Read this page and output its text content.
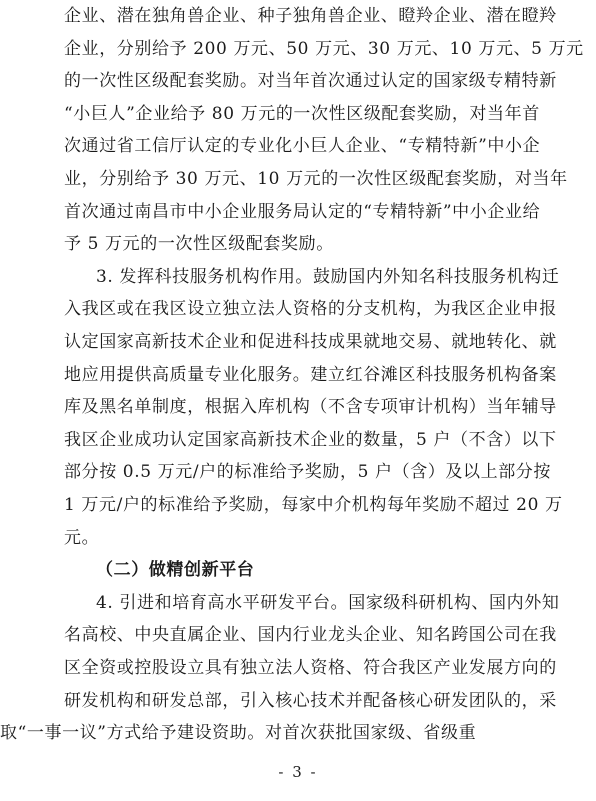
企业、潜在独角兽企业、种子独角兽企业、瞪羚企业、潜在瞪羚
企业，分别给予 200 万元、50 万元、30 万元、10 万元、5 万元
的一次性区级配套奖励。对当年首次通过认定的国家级专精特新
“小巨人”企业给予 80 万元的一次性区级配套奖励，对当年首
次通过省工信厅认定的专业化小巨人企业、“专精特新”中小企
业，分别给予 30 万元、10 万元的一次性区级配套奖励，对当年
首次通过南昌市中小企业服务局认定的“专精特新”中小企业给
予 5 万元的一次性区级配套奖励。
3. 发挥科技服务机构作用。鼓励国内外知名科技服务机构迁
入我区或在我区设立独立法人资格的分支机构，为我区企业申报
认定国家高新技术企业和促进科技成果就地交易、就地转化、就
地应用提供高质量专业化服务。建立红谷滩区科技服务机构备案
库及黑名单制度，根据入库机构（不含专项审计机构）当年辅导
我区企业成功认定国家高新技术企业的数量，5 户（不含）以下
部分按 0.5 万元/户的标准给予奖励，5 户（含）及以上部分按
1 万元/户的标准给予奖励，每家中介机构每年奖励不超过 20 万
元。
（二）做精创新平台
4. 引进和培育高水平研发平台。国家级科研机构、国内外知
名高校、中央直属企业、国内行业龙头企业、知名跨国公司在我
区全资或控股设立具有独立法人资格、符合我区产业发展方向的
研发机构和研发总部，引入核心技术并配备核心研发团队的，采
取“一事一议”方式给予建设资助。对首次获批国家级、省级重
- 3 -
